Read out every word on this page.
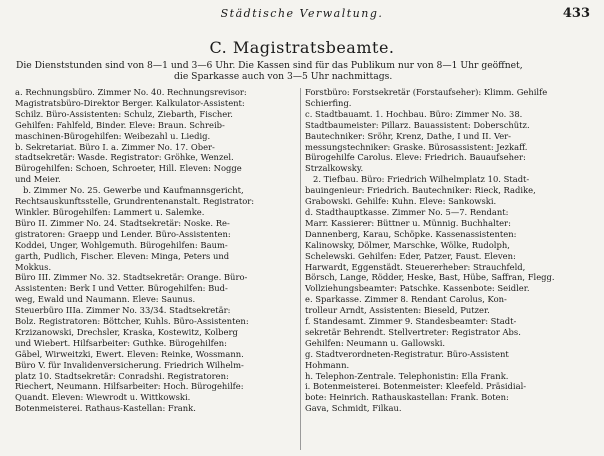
Städtische Verwaltung.	433
C. Magistratsbeamte.
Die Dienststunden sind von 8—1 und 3—6 Uhr. Die Kassen sind für das Publikum nur von 8—1 Uhr geöffnet,
die Sparkasse auch von 3—5 Uhr nachmittags.
a. Rechnungsbüro. Zimmer No. 40. Rechnungsrevisor:
Magistratsbüro-Direktor Berger. Kalkulator-Assistent:
Schilz. Büro-Assistenten: Schulz, Ziebarth, Fischer.
Gehilfen: Fahlfeld, Binder. Eleve: Braun. Schreib-
maschinen-Bürogehilfen: Weibezahl u. Liedig.
b. Sekretariat. Büro I. a. Zimmer No. 17. Ober-
stadtsekretär: Wasde. Registrator: Gröhke, Wenzel.
Bürogehilfen: Schoen, Schroeter, Hill. Eleven: Nogge
und Meier.
b. Zimmer No. 25. Gewerbe und Kaufmannsgericht,
Rechtsauskunftsstelle, Grundrentenanstalt. Registrator:
Winkler. Bürogehilfen: Lammert u. Salemke.
Büro II. Zimmer No. 24. Stadtsekretär: Noske. Re-
gistratoren: Graepp und Lender. Büro-Assistenten:
Koddei, Unger, Wohlgemuth. Bürogehilfen: Baum-
garth, Pudlich, Fischer. Eleven: Minga, Peters und
Mokkus.
Büro III. Zimmer No. 32. Stadtsekretär: Orange. Büro-
Assistenten: Berk I und Vetter. Bürogehilfen: Bud-
weg, Ewald und Naumann. Eleve: Saunus.
Steuerbüro IIIa. Zimmer No. 33/34. Stadtsekretär:
Bolz. Registratoren: Böttcher, Kuhls. Büro-Assistenten:
Krzizanowski, Drechsler, Kraska, Kostewitz, Kolberg
und Wiebert. Hilfsarbeiter: Guthke. Bürogehilfen:
Gäbel, Wirweitzki, Ewert. Eleven: Reinke, Wossmann.
Büro V. für Invalidenversicherung. Friedrich Wilhelm-
platz 10. Stadtsekretär: Conradshi. Registratoren:
Riechert, Neumann. Hilfsarbeiter: Hoch. Bürogehilfe:
Quandt. Eleven: Wiewrodt u. Wittkowski.
Botenmeisterei. Rathaus-Kastellan: Frank.
Forstbüro: Forstsekretär (Forstaufseher): Klimm. Gehilfe
Schierfing.
c. Stadtbauamt. 1. Hochbau. Büro: Zimmer No. 38.
Stadtbaumeister: Pillarz. Bauassistent: Doberschütz.
Bautechniker: Sröhr, Krenz, Dathe, I und II. Ver-
messungstechniker: Graske. Bürosassistent: Jezkaff.
Bürogehilfe Carolus. Eleve: Friedrich. Bauaufseher:
Strzalkowsky.
2. Tiefbau. Büro: Friedrich Wilhelmplatz 10. Stadt-
bauingenieur: Friedrich. Bautechniker: Rieck, Radike,
Grabowski. Gehilfe: Kuhn. Eleve: Sankowski.
d. Stadthauptkasse. Zimmer No. 5—7. Rendant:
Marr. Kassierer: Büttner u. Münnig. Buchhalter:
Dannenberg, Karau, Schöpke. Kassenassistenten:
Kalinowsky, Dölmer, Marschke, Wölke, Rudolph,
Schelewski. Gehilfen: Eder, Patzer, Faust. Eleven:
Harwardt, Eggenstädt. Steuererheber: Strauchfeld,
Börsch, Lange, Rödder, Heske, Bast, Hübe, Saffran, Flegg.
Vollziehungsbeamter: Patschke. Kassenbote: Seidler.
e. Sparkasse. Zimmer 8. Rendant Carolus, Kon-
trolleur Arndt, Assistenten: Bieseld, Putzer.
f. Standesamt. Zimmer 9. Standesbeamter: Stadt-
sekretär Behrendt. Stellvertreter: Registrator Abs.
Gehilfen: Neumann u. Gallowski.
g. Stadtverordneten-Registratur. Büro-Assistent
Hohmann.
h. Telephon-Zentrale. Telephonistin: Ella Frank.
i. Botenmeisterei. Botenmeister: Kleefeld. Präsidial-
bote: Heinrich. Rathauskastellan: Frank. Boten:
Gava, Schmidt, Filkau.
